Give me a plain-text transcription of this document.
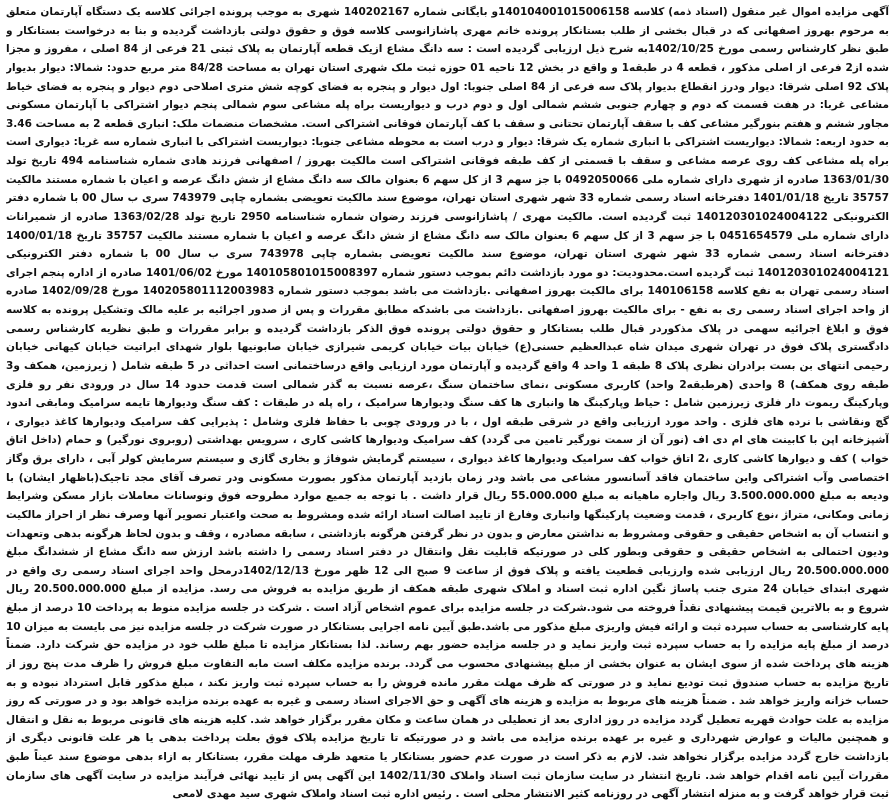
آگهی مزایده اموال غیر منقول (اسناد ذمه) کلاسه 140104001015006158و بایگانی شماره 140202167 شهری به موجب پرونده اجرائی کلاسه یک دستگاه آپارتمان متعلق به مرحوم بهروز اصفهانی که در قبال بخشی از طلب بستانکار پرونده خانم مهری پاشازانوسی کلاسه فوق و حقوق دولتی بازداشت گردیده و بنا به درخواست بستانکار و طبق نظر کارشناس رسمی مورخ 1402/10/25به شرح ذیل ارزیابی گردیده است : سه دانگ مشاع ازیک قطعه آپارتمان به پلاک ثبتی 21 فرعی از 84 اصلی ، مفروز و مجزا شده از2 فرعی از اصلی مذکور ، قطعه 4 در طبقه1 و واقع در بخش 12 ناحیه 01 حوزه ثبت ملک شهری استان تهران به مساحت 84/28 متر مربع حدود: شمالا: دیوار بدیوار پلاک 92 اصلی شرقا: دیوار ودرز انقطاع بدیوار پلاک سه فرعی از 84 اصلی جنوبا: اول دیوار و پنجره به فضای کوچه شش متری اصلاحی دوم دیوار و پنجره به فضای خیاط مشاعی غربا: در هفت قسمت که دوم و چهارم جنوبی ششم شمالی اول و دوم درب و دیواریست براه پله مشاعی سوم شمالی پنجم دیوار اشتراکی با آپارتمان مسکونی مجاور ششم و هفتم بنورگیر مشاعی کف با سقف آپارتمان تحتانی و سقف با کف آپارتمان فوقانی اشتراکی است. مشخصات منضمات ملک: انباری قطعه 2 به مساحت 3.46 به حدود اربعه: شمالا: دیواریست اشتراکی با انباری شماره یک شرقا: دیوار و درب است به محوطه مشاعی جنوبا: دیواریست اشتراکی با انباری شماره سه غربا: دیواری است براه پله مشاعی کف روی عرصه مشاعی و سقف با قسمتی از کف طبقه فوقانی اشتراکی است مالکیت بهروز / اصفهانی فرزند هادی شماره شناسنامه 494 تاریخ تولد 1363/01/30 صادره از شهری دارای شماره ملی 0492050066 با جز سهم 3 از کل سهم 6 بعنوان مالک سه دانگ مشاع از شش دانگ عرصه و اعیان با شماره مستند مالکیت 35757 تاریخ 1401/01/18 دفترخانه اسناد رسمی شماره 33 شهر شهری استان تهران، موضوع سند مالکیت تعویضی بشماره چاپی 743979 سری ب سال 00 با شماره دفتر الکترونیکی 140120301024004122 ثبت گردیده است. مالکیت مهری / پاشازانوسی فرزند رضوان شماره شناسنامه 2950 تاریخ تولد 1363/02/28 صادره از شمیرانات دارای شماره ملی 0451654579 با جز سهم 3 از کل سهم 6 بعنوان مالک سه دانگ مشاع از شش دانگ عرصه و اعیان با شماره مستند مالکیت 35757 تاریخ 1400/01/18 دفترخانه اسناد رسمی شماره 33 شهر شهری استان تهران، موضوع سند مالکیت تعویضی بشماره چاپی 743978 سری ب سال 00 با شماره دفتر الکترونیکی 140120301024004121 ثبت گردیده است.محدودیت: دو مورد بازداشت دائم بموجب دستور شماره 140105801015008397 مورخ 1401/06/02 صادره از اداره پنجم اجرای اسناد رسمی تهران به نفع کلاسه 140106158 برای مالکیت بهروز اصفهانی .بازداشت می باشد بموجب دستور شماره 140205801112003983 مورخ 1402/09/28 صادره از واحد اجرای اسناد رسمی ری به نفع - برای مالکیت بهروز اصفهانی .بازداشت می باشدکه مطابق مقررات و پس از صدور اجرائیه بر علیه مالک وتشکیل پرونده به کلاسه فوق و ابلاغ اجرائیه سهمی در پلاک مذکوردر قبال طلب بستانکار و حقوق دولتی پرونده فوق الذکر بازداشت گردیده و برابر مقررات و طبق نظریه کارشناس رسمی دادگستری پلاک فوق در تهران شهری میدان شاه عبدالعظیم حسنی(ع) خیابان بیات خیابان کریمی شیرازی خیابان صابونیها بلوار شهدای ابراتیت خیابان کیهانی خیابان رحیمی انتهای بن بست برادران نظری پلاک 8 طبقه 1 واحد 4 واقع گردیده و آپارتمان مورد ارزیابی واقع درساختمانی است احداثی در 5 طبقه شامل ( زیرزمین، همکف و3 طبقه روی همکف) 8 واحدی (هرطبقه2 واحد) کاربری مسکونی ،نمای ساختمان سنگ ،عرصه نسبت به گذر شمالی است قدمت حدود 14 سال در ورودی نفر رو فلزی وپارکینگ ریموت دار فلزی زیرزمین شامل : حیاط وپارکینگ ها وانباری ها کف سنگ ودیوارها سرامیک ، راه پله در طبقات : کف سنگ ودیوارها تایمه سرامیک ومابقی اندود گچ ونقاشی با نرده های فلزی . واحد مورد ارزیابی واقع در شرقی طبقه اول ، با در ورودی چوبی با حفاظ فلزی وشامل : پذیرایی کف سرامیک ودیوارها کاغذ دیواری ، آشپزخانه اپن با کابینت های ام دی اف (نور آن از سمت نورگیر تامین می گردد) کف سرامیک ودیوارها کاشی کاری ، سرویس بهداشتی (روبروی نورگیر) و حمام (داخل اتاق خواب ) کف و دیوارها کاشی کاری ،2 اتاق خواب کف سرامیک ودیوارها کاغذ دیواری ، سیستم گرمایش شوفاژ و بخاری گازی و سیستم سرمایش کولر آبی ، دارای برق وگاز اختصاصی وآب اشتراکی واین ساختمان فاقد آسانسور مشاعی می باشد ودر زمان بازدید آپارتمان مذکور بصورت مسکونی ودر تصرف آقای مجد تاجیک(باظهار ایشان) با ودیعه به مبلغ 3.500.000.000 ریال واجاره ماهیانه به مبلغ 55.000.000 ریال قرار داشت . با توجه به جمیع موارد مطروحه فوق ونوسانات معاملات بازار مسکن وشرایط زمانی ومکانی، متراژ ،نوع کاربری ، قدمت وضعیت پارکینگها وانباری وفارغ از تایید اصالت اسناد ارائه شده ومشروط به صحت واعتبار تصویر آنها وصرف نظر از احراز مالکیت و انتساب آن به اشخاص حقیقی و حقوقی ومشروط به نداشتن معارض و بدون در نظر گرفتن هرگونه بازداشتی ، سابقه مصادره ، وقف و بدون لحاظ هرگونه بدهی وتعهدات ودیون احتمالی به اشخاص حقیقی و حقوقی وبطور کلی در صورتیکه قابلیت نقل وانتقال در دفتر اسناد رسمی را داشته باشد ارزش سه دانگ مشاع از ششدانگ مبلغ 20.500.000.000 ریال ارزیابی شده وارزیابی قطعیت یافته و پلاک فوق از ساعت 9 صبح الی 12 ظهر مورخ 1402/12/13درمحل واحد اجرای اسناد رسمی ری واقع در شهری ابتدای خیابان 24 متری جنب پاساژ نگین اداره ثبت اسناد و املاک شهری طبقه همکف از طریق مزایده به فروش می رسد. مزایده از مبلغ 20.500.000.000 ریال شروع و به بالاترین قیمت پیشنهادی نقداً فروخته می شود.شرکت در جلسه مزایده برای عموم اشخاص آزاد است . شرکت در جلسه مزایده منوط به پرداخت 10 درصد از مبلغ پایه کارشناسی به حساب سپرده ثبت و ارائه فیش واریزی مبلغ مذکور می باشد.طبق آیین نامه اجرایی بستانکار در صورت شرکت در جلسه مزایده نیز می بایست به میزان 10 درصد از مبلغ پایه مزایده را به حساب سپرده ثبت واریز نماید و در جلسه مزایده حضور بهم رساند. لذا بستانکار مزایده تا مبلغ طلب خود در مزایده حق شرکت دارد. ضمناً هزینه های پرداخت شده از سوی ایشان به عنوان بخشی از مبلغ پیشنهادی محسوب می گردد. برنده مزایده مکلف است مابه التفاوت مبلغ فروش را ظرف مدت پنج روز از تاریخ مزایده به حساب صندوق ثبت تودیع نماید و در صورتی که ظرف مهلت مقرر مانده فروش را به حساب سپرده ثبت واریز نکند ، مبلغ مذکور قابل استرداد نبوده و به حساب خزانه واریز خواهد شد . ضمناً هزینه های مربوط به مزایده و هزینه های آگهی و حق الاجرای اسناد رسمی و غیره به عهده برنده مزایده خواهد بود و در صورتی که روز مزایده به علت حوادث قهریه تعطیل گردد مزایده در روز اداری بعد از تعطیلی در همان ساعت و مکان مقرر برگزار خواهد شد. کلیه هزینه های قانونی مربوط به نقل و انتقال و همچنین مالیات و عوارض شهرداری و غیره بر عهده برنده مزایده می باشد و در صورتیکه تا تاریخ مزایده پلاک فوق بعلت پرداخت بدهی یا هر علت قانونی دیگری از بازداشت خارج گردد مزایده برگزار نخواهد شد. لازم به ذکر است در صورت عدم حضور بستانکار یا متعهد ظرف مهلت مقرر، بستانکار به ازاء بدهی موضوع سند عیناً طبق مقررات آیین نامه اقدام خواهد شد. تاریخ انتشار در سایت سازمان ثبت اسناد واملاک 1402/11/30 این آگهی پس از تایید نهائی فرآیند مزایده در سایت آگهی های سازمان ثبت قرار خواهد گرفت و به منزله انتشار آگهی در روزنامه کثیر الانتشار محلی است . رئیس اداره ثبت اسناد واملاک شهری سید مهدی لامعی
